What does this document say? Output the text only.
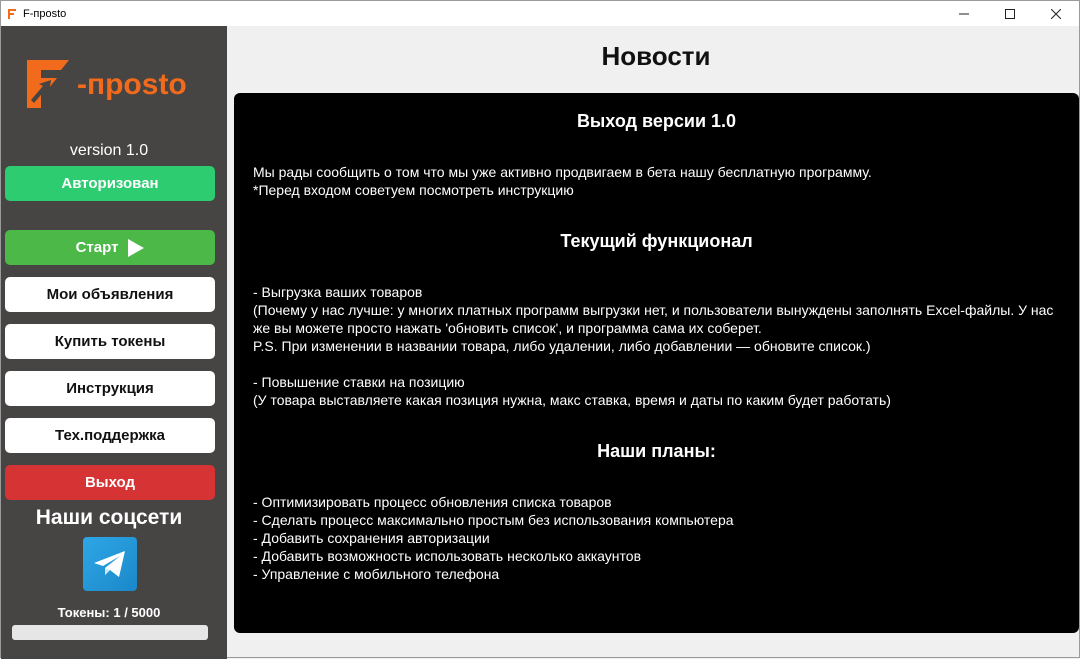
F-прosto
-прosto
version 1.0
Авторизован
Старт
Мои объявления
Купить токены
Инструкция
Тех.поддержка
Выход
Наши соцсети
Токены: 1 / 5000
Новости
Выход версии 1.0
Мы рады сообщить о том что мы уже активно продвигаем в бета нашу бесплатную программу.
*Перед входом советуем посмотреть инструкцию
Текущий функционал
- Выгрузка ваших товаров
(Почему у нас лучше: у многих платных программ выгрузки нет, и пользователи вынуждены заполнять Excel-файлы. У нас же вы можете просто нажать 'обновить список', и программа сама их соберет.
P.S. При изменении в названии товара, либо удалении, либо добавлении — обновите список.)
- Повышение ставки на позицию
(У товара выставляете какая позиция нужна, макс ставка, время и даты по каким будет работать)
Наши планы:
- Оптимизировать процесс обновления списка товаров
- Сделать процесс максимально простым без использования компьютера
- Добавить сохранения авторизации
- Добавить возможность использовать несколько аккаунтов
- Управление с мобильного телефона
